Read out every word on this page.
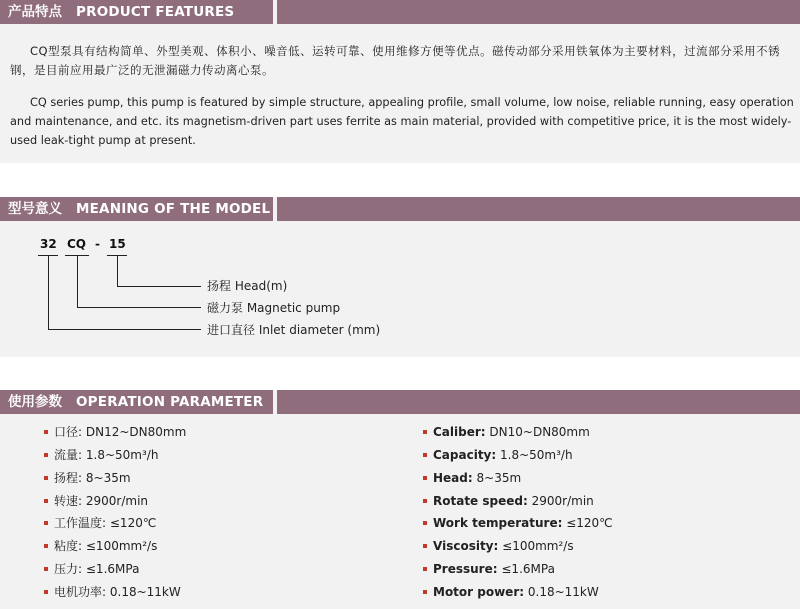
产品特点 PRODUCT FEATURES
CQ型泵具有结构简单、外型美观、体积小、噪音低、运转可靠、使用维修方便等优点。磁传动部分采用铁氧体为主要材料，过流部分采用不锈钢，是目前应用最广泛的无泄漏磁力传动离心泵。
CQ series pump, this pump is featured by simple structure, appealing profile, small volume, low noise, reliable running, easy operation and maintenance, and etc. its magnetism-driven part uses ferrite as main material, provided with competitive price, it is the most widely-used leak-tight pump at present.
型号意义 MEANING OF THE MODEL
32 CQ - 15
扬程 Head(m)
磁力泵 Magnetic pump
进口直径 Inlet diameter (mm)
使用参数 OPERATION PARAMETER
口径: DN12~DN80mm
流量: 1.8~50m³/h
扬程: 8~35m
转速: 2900r/min
工作温度: ≤120℃
粘度: ≤100mm²/s
压力: ≤1.6MPa
电机功率: 0.18~11kW
Caliber: DN10~DN80mm
Capacity: 1.8~50m³/h
Head: 8~35m
Rotate speed: 2900r/min
Work temperature: ≤120℃
Viscosity: ≤100mm²/s
Pressure: ≤1.6MPa
Motor power: 0.18~11kW
